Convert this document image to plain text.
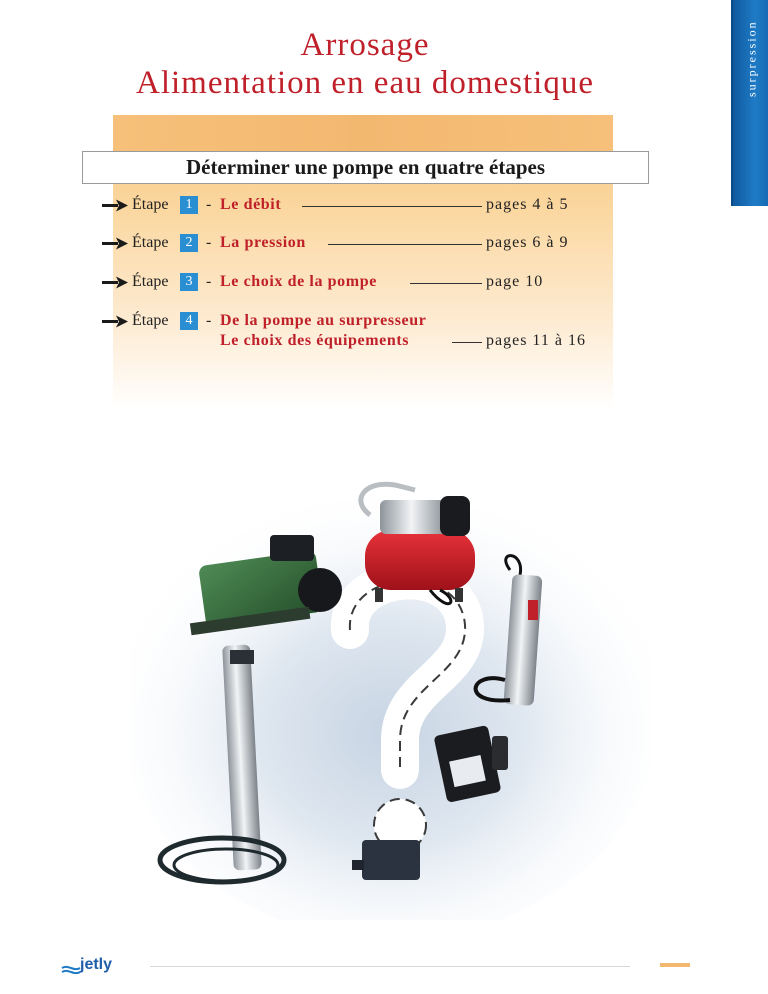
Arrosage
Alimentation en eau domestique	surpression
Déterminer une pompe en quatre étapes
Étape	1 - Le débit	pages 4 à 5
Étape	2 - La pression	pages 6 à 9
Étape	3 - Le choix de la pompe	page 10
Étape	4 - De la pompe au surpresseur
Le choix des équipements	pages 11 à 16
jetly
